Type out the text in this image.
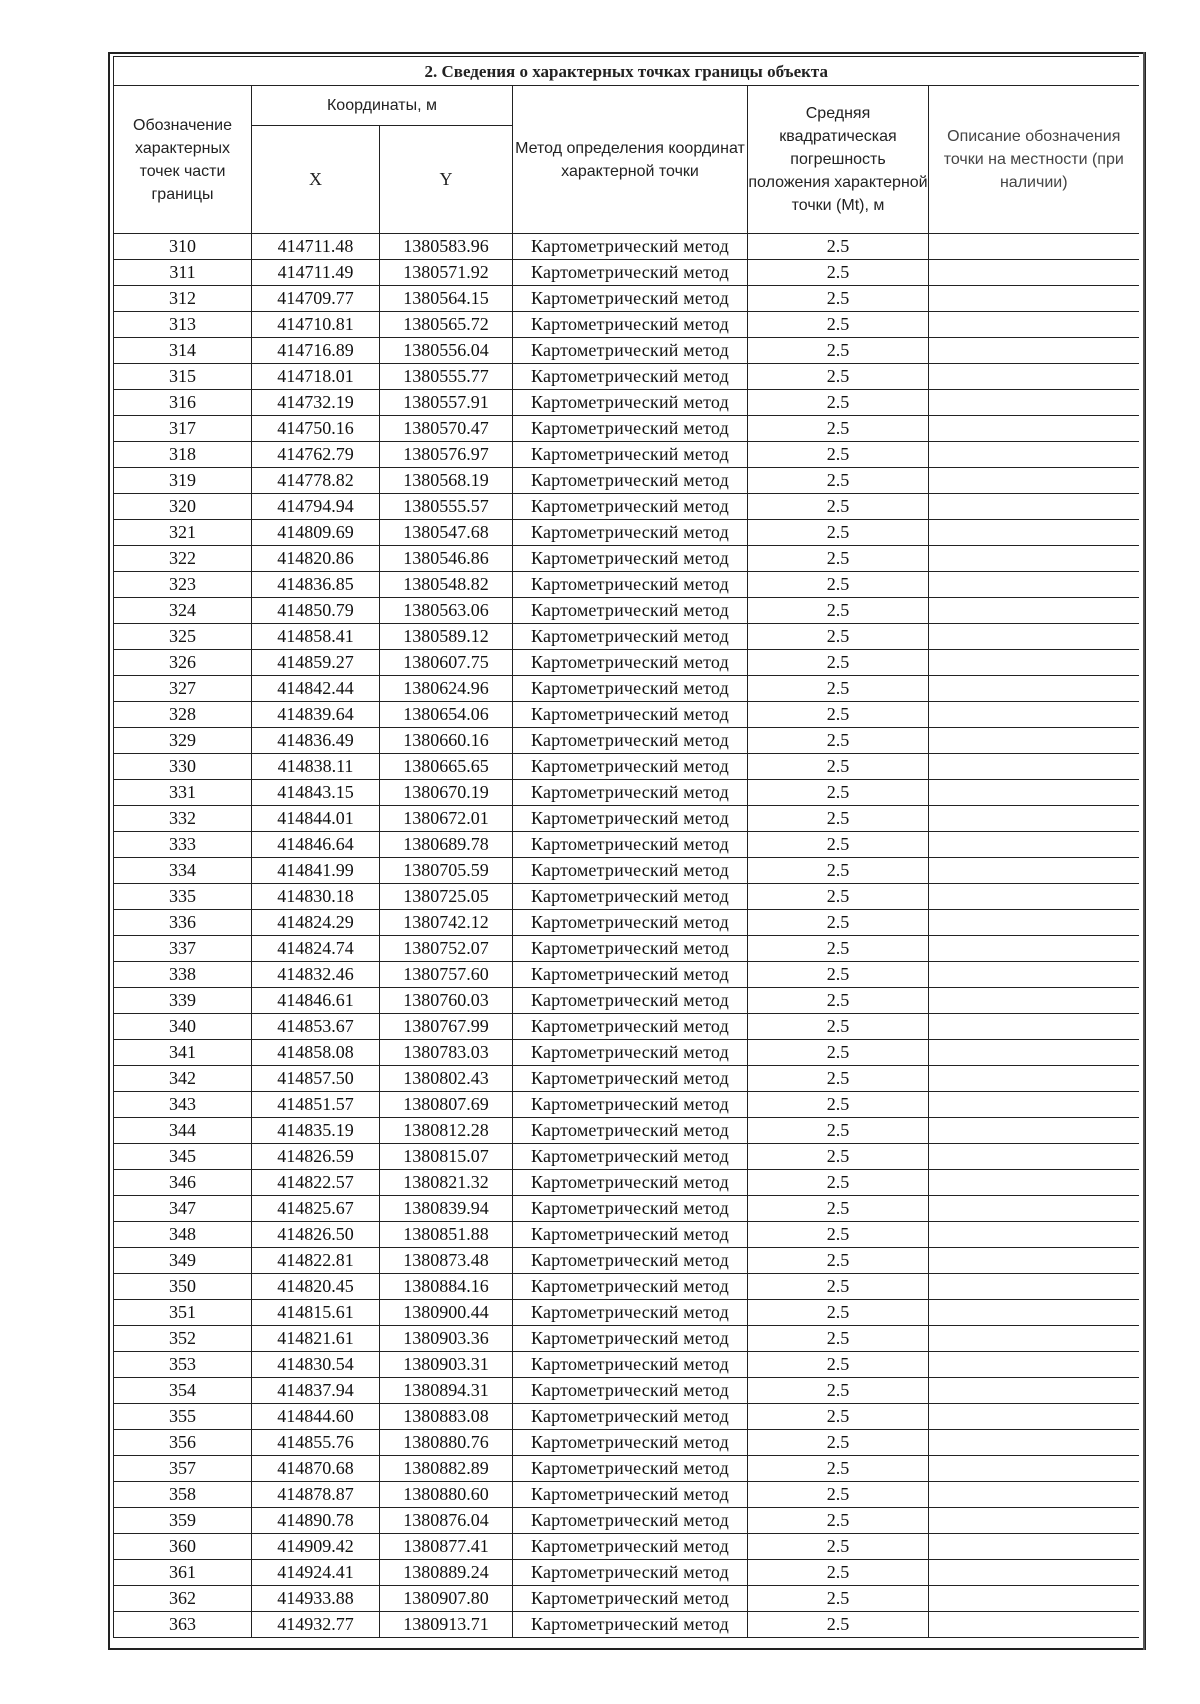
2. Сведения о характерных точках границы объекта					
Обозначение характерных точек части границы	Координаты, м		Метод определения координат характерной точки	Средняя квадратическая погрешность положения характерной точки (Mt), м	Описание обозначения точки на местности (при наличии)
	X	Y			
310	414711.48	1380583.96	Картометрический метод	2.5	
311	414711.49	1380571.92	Картометрический метод	2.5	
312	414709.77	1380564.15	Картометрический метод	2.5	
313	414710.81	1380565.72	Картометрический метод	2.5	
314	414716.89	1380556.04	Картометрический метод	2.5	
315	414718.01	1380555.77	Картометрический метод	2.5	
316	414732.19	1380557.91	Картометрический метод	2.5	
317	414750.16	1380570.47	Картометрический метод	2.5	
318	414762.79	1380576.97	Картометрический метод	2.5	
319	414778.82	1380568.19	Картометрический метод	2.5	
320	414794.94	1380555.57	Картометрический метод	2.5	
321	414809.69	1380547.68	Картометрический метод	2.5	
322	414820.86	1380546.86	Картометрический метод	2.5	
323	414836.85	1380548.82	Картометрический метод	2.5	
324	414850.79	1380563.06	Картометрический метод	2.5	
325	414858.41	1380589.12	Картометрический метод	2.5	
326	414859.27	1380607.75	Картометрический метод	2.5	
327	414842.44	1380624.96	Картометрический метод	2.5	
328	414839.64	1380654.06	Картометрический метод	2.5	
329	414836.49	1380660.16	Картометрический метод	2.5	
330	414838.11	1380665.65	Картометрический метод	2.5	
331	414843.15	1380670.19	Картометрический метод	2.5	
332	414844.01	1380672.01	Картометрический метод	2.5	
333	414846.64	1380689.78	Картометрический метод	2.5	
334	414841.99	1380705.59	Картометрический метод	2.5	
335	414830.18	1380725.05	Картометрический метод	2.5	
336	414824.29	1380742.12	Картометрический метод	2.5	
337	414824.74	1380752.07	Картометрический метод	2.5	
338	414832.46	1380757.60	Картометрический метод	2.5	
339	414846.61	1380760.03	Картометрический метод	2.5	
340	414853.67	1380767.99	Картометрический метод	2.5	
341	414858.08	1380783.03	Картометрический метод	2.5	
342	414857.50	1380802.43	Картометрический метод	2.5	
343	414851.57	1380807.69	Картометрический метод	2.5	
344	414835.19	1380812.28	Картометрический метод	2.5	
345	414826.59	1380815.07	Картометрический метод	2.5	
346	414822.57	1380821.32	Картометрический метод	2.5	
347	414825.67	1380839.94	Картометрический метод	2.5	
348	414826.50	1380851.88	Картометрический метод	2.5	
349	414822.81	1380873.48	Картометрический метод	2.5	
350	414820.45	1380884.16	Картометрический метод	2.5	
351	414815.61	1380900.44	Картометрический метод	2.5	
352	414821.61	1380903.36	Картометрический метод	2.5	
353	414830.54	1380903.31	Картометрический метод	2.5	
354	414837.94	1380894.31	Картометрический метод	2.5	
355	414844.60	1380883.08	Картометрический метод	2.5	
356	414855.76	1380880.76	Картометрический метод	2.5	
357	414870.68	1380882.89	Картометрический метод	2.5	
358	414878.87	1380880.60	Картометрический метод	2.5	
359	414890.78	1380876.04	Картометрический метод	2.5	
360	414909.42	1380877.41	Картометрический метод	2.5	
361	414924.41	1380889.24	Картометрический метод	2.5	
362	414933.88	1380907.80	Картометрический метод	2.5	
363	414932.77	1380913.71	Картометрический метод	2.5	
